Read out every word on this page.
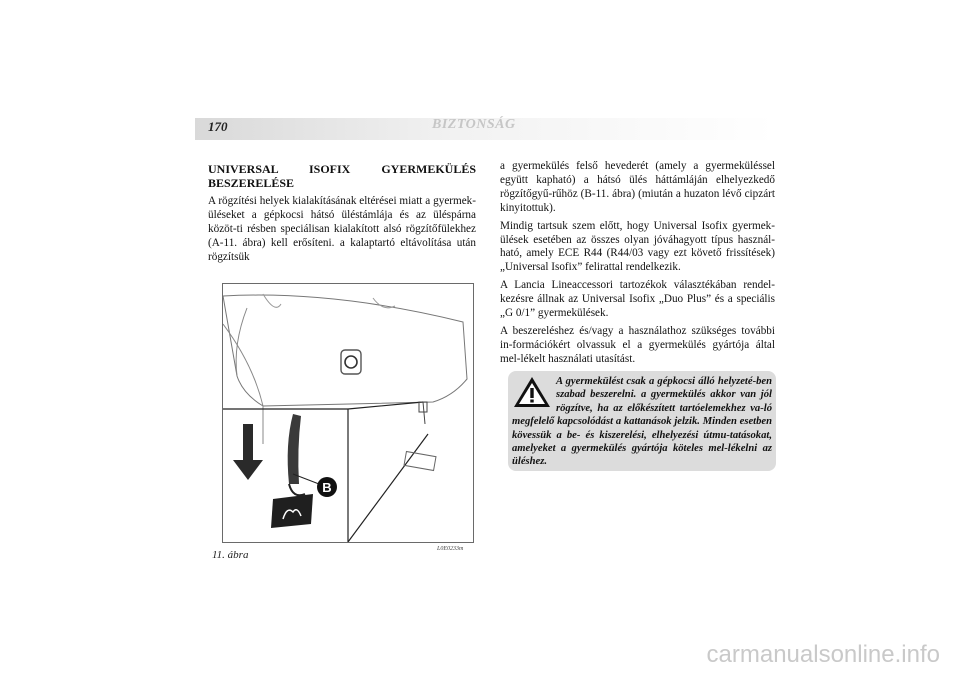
170	BIZTONSÁG
UNIVERSAL ISOFIX GYERMEKÜLÉS BESZERELÉSE
A rögzítési helyek kialakításának eltérései miatt a gyermek-üléseket a gépkocsi hátsó üléstámlája és az üléspárna közöt-ti résben speciálisan kialakított alsó rögzítőfülekhez (A-11. ábra) kell erősíteni. a kalaptartó eltávolítása után rögzítsük
B
11. ábra	L0E0233m
a gyermekülés felső hevederét (amely a gyermeküléssel együtt kapható) a hátsó ülés háttámláján elhelyezkedő rögzítőgyű-rűhöz (B-11. ábra) (miután a huzaton lévő cipzárt kinyitottuk).
Mindig tartsuk szem előtt, hogy Universal Isofix gyermek-ülések esetében az összes olyan jóváhagyott típus használ-ható, amely ECE R44 (R44/03 vagy ezt követő frissítések) „Universal Isofix” felirattal rendelkezik.
A Lancia Lineaccessori tartozékok választékában rendel-kezésre állnak az Universal Isofix „Duo Plus” és a speciális „G 0/1” gyermekülések.
A beszereléshez és/vagy a használathoz szükséges további in-formációkért olvassuk el a gyermekülés gyártója által mel-lékelt használati utasítást.
A gyermekülést csak a gépkocsi álló helyzeté-ben szabad beszerelni. a gyermekülés akkor van jól rögzítve, ha az előkészített tartóelemekhez va-ló megfelelő kapcsolódást a kattanások jelzik. Minden esetben kövessük a be- és kiszerelési, elhelyezési útmu-tatásokat, amelyeket a gyermekülés gyártója köteles mel-lékelni az üléshez.
carmanualsonline.info
